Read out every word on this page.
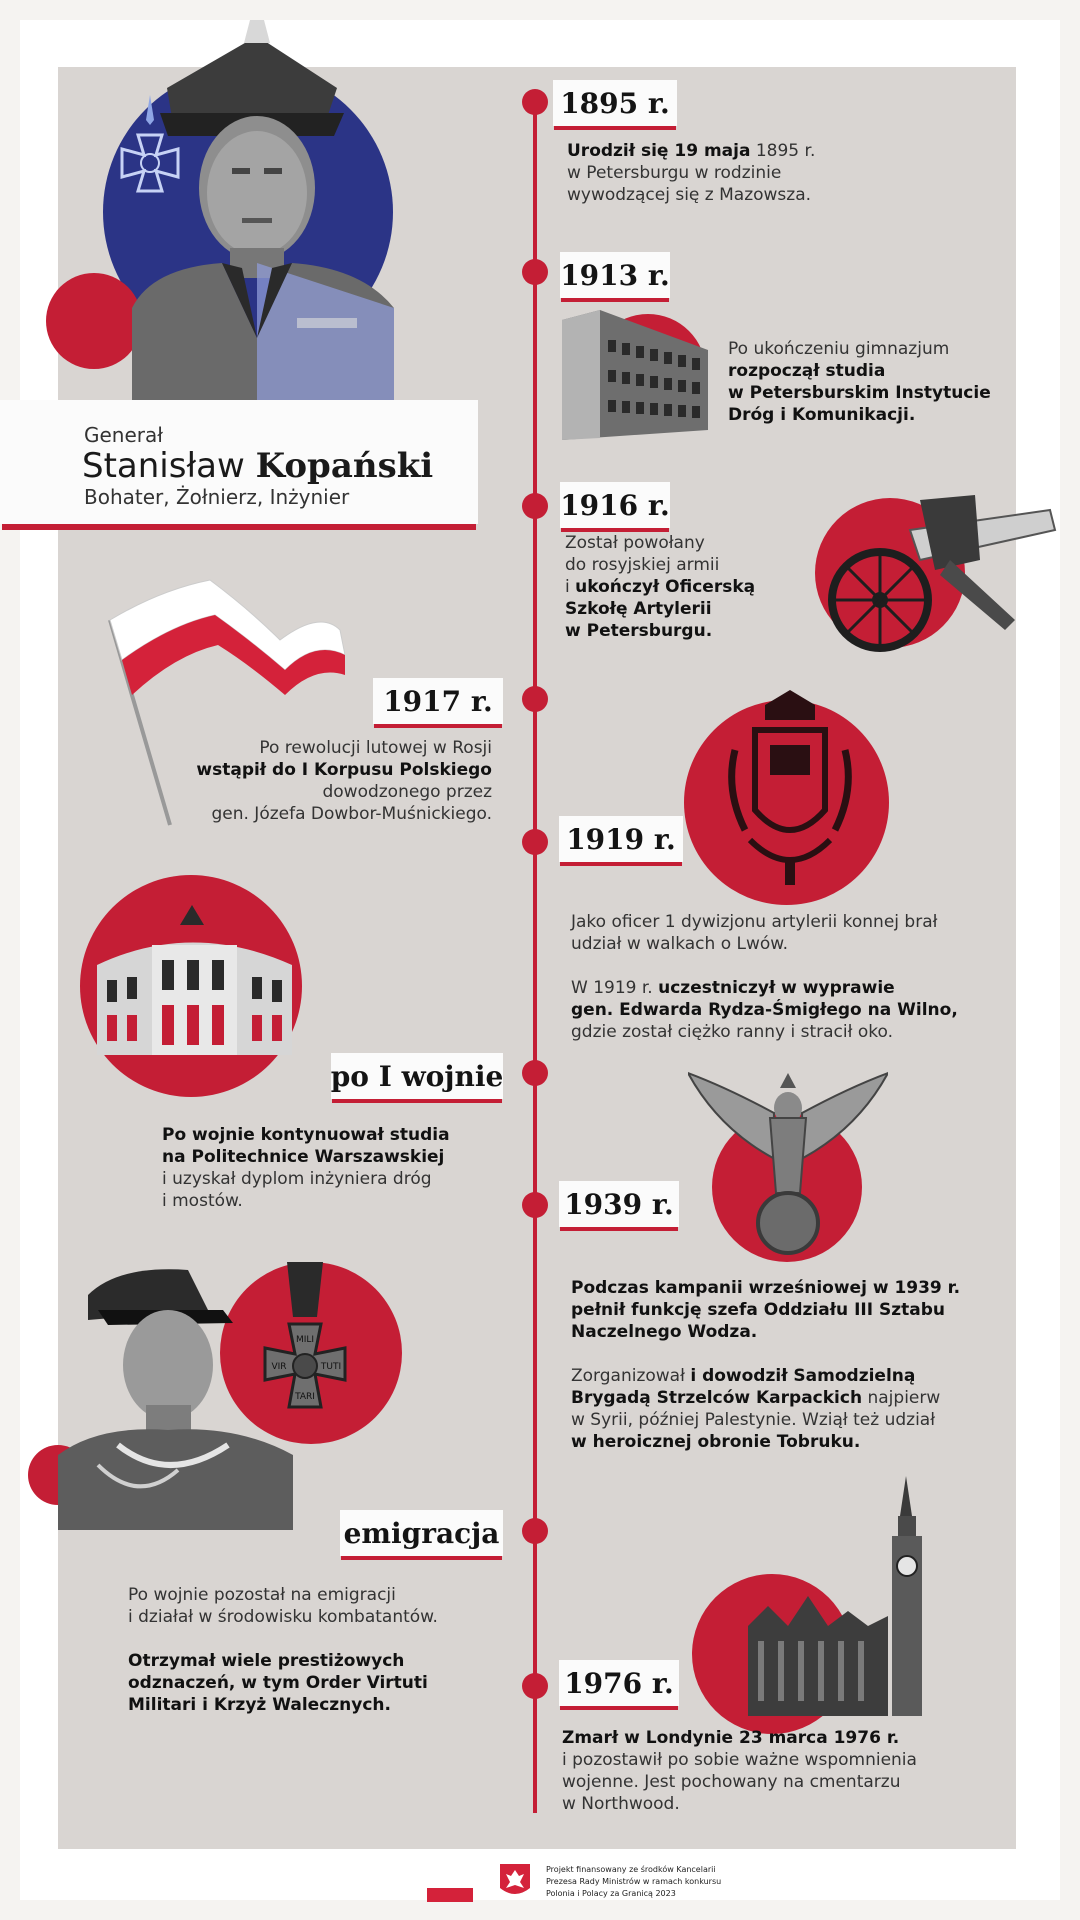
Generał
Stanisław Kopański
Bohater, Żołnierz, Inżynier
1895 r.
Urodził się 19 maja 1895 r.
w Petersburgu w rodzinie
wywodzącej się z Mazowsza.
1913 r.
Po ukończeniu gimnazjum
rozpoczął studia
w Petersburskim Instytucie
Dróg i Komunikacji.
1916 r.
Został powołany
do rosyjskiej armii
i ukończył Oficerską
Szkołę Artylerii
w Petersburgu.
1917 r.
Po rewolucji lutowej w Rosji
wstąpił do I Korpusu Polskiego
dowodzonego przez
gen. Józefa Dowbor-Muśnickiego.
1919 r.
Jako oficer 1 dywizjonu artylerii konnej brał
udział w walkach o Lwów.
W 1919 r. uczestniczył w wyprawie
gen. Edwarda Rydza-Śmigłego na Wilno,
gdzie został ciężko ranny i stracił oko.
po I wojnie
Po wojnie kontynuował studia
na Politechnice Warszawskiej
i uzyskał dyplom inżyniera dróg
i mostów.	1939 r.
Podczas kampanii wrześniowej w 1939 r.
pełnił funkcję szefa Oddziału III Sztabu
Naczelnego Wodza.
Zorganizował i dowodził Samodzielną
Brygadą Strzelców Karpackich najpierw
w Syrii, później Palestynie. Wziął też udział
w heroicznej obronie Tobruku.
MILI
VIR	TUTI
TARI
emigracja
Po wojnie pozostał na emigracji
i działał w środowisku kombatantów.
Otrzymał wiele prestiżowych
odznaczeń, w tym Order Virtuti
Militari i Krzyż Walecznych.
1976 r.
Zmarł w Londynie 23 marca 1976 r.
i pozostawił po sobie ważne wspomnienia
wojenne. Jest pochowany na cmentarzu
w Northwood.
Projekt finansowany ze środków Kancelarii
Prezesa Rady Ministrów w ramach konkursu
Polonia i Polacy za Granicą 2023
